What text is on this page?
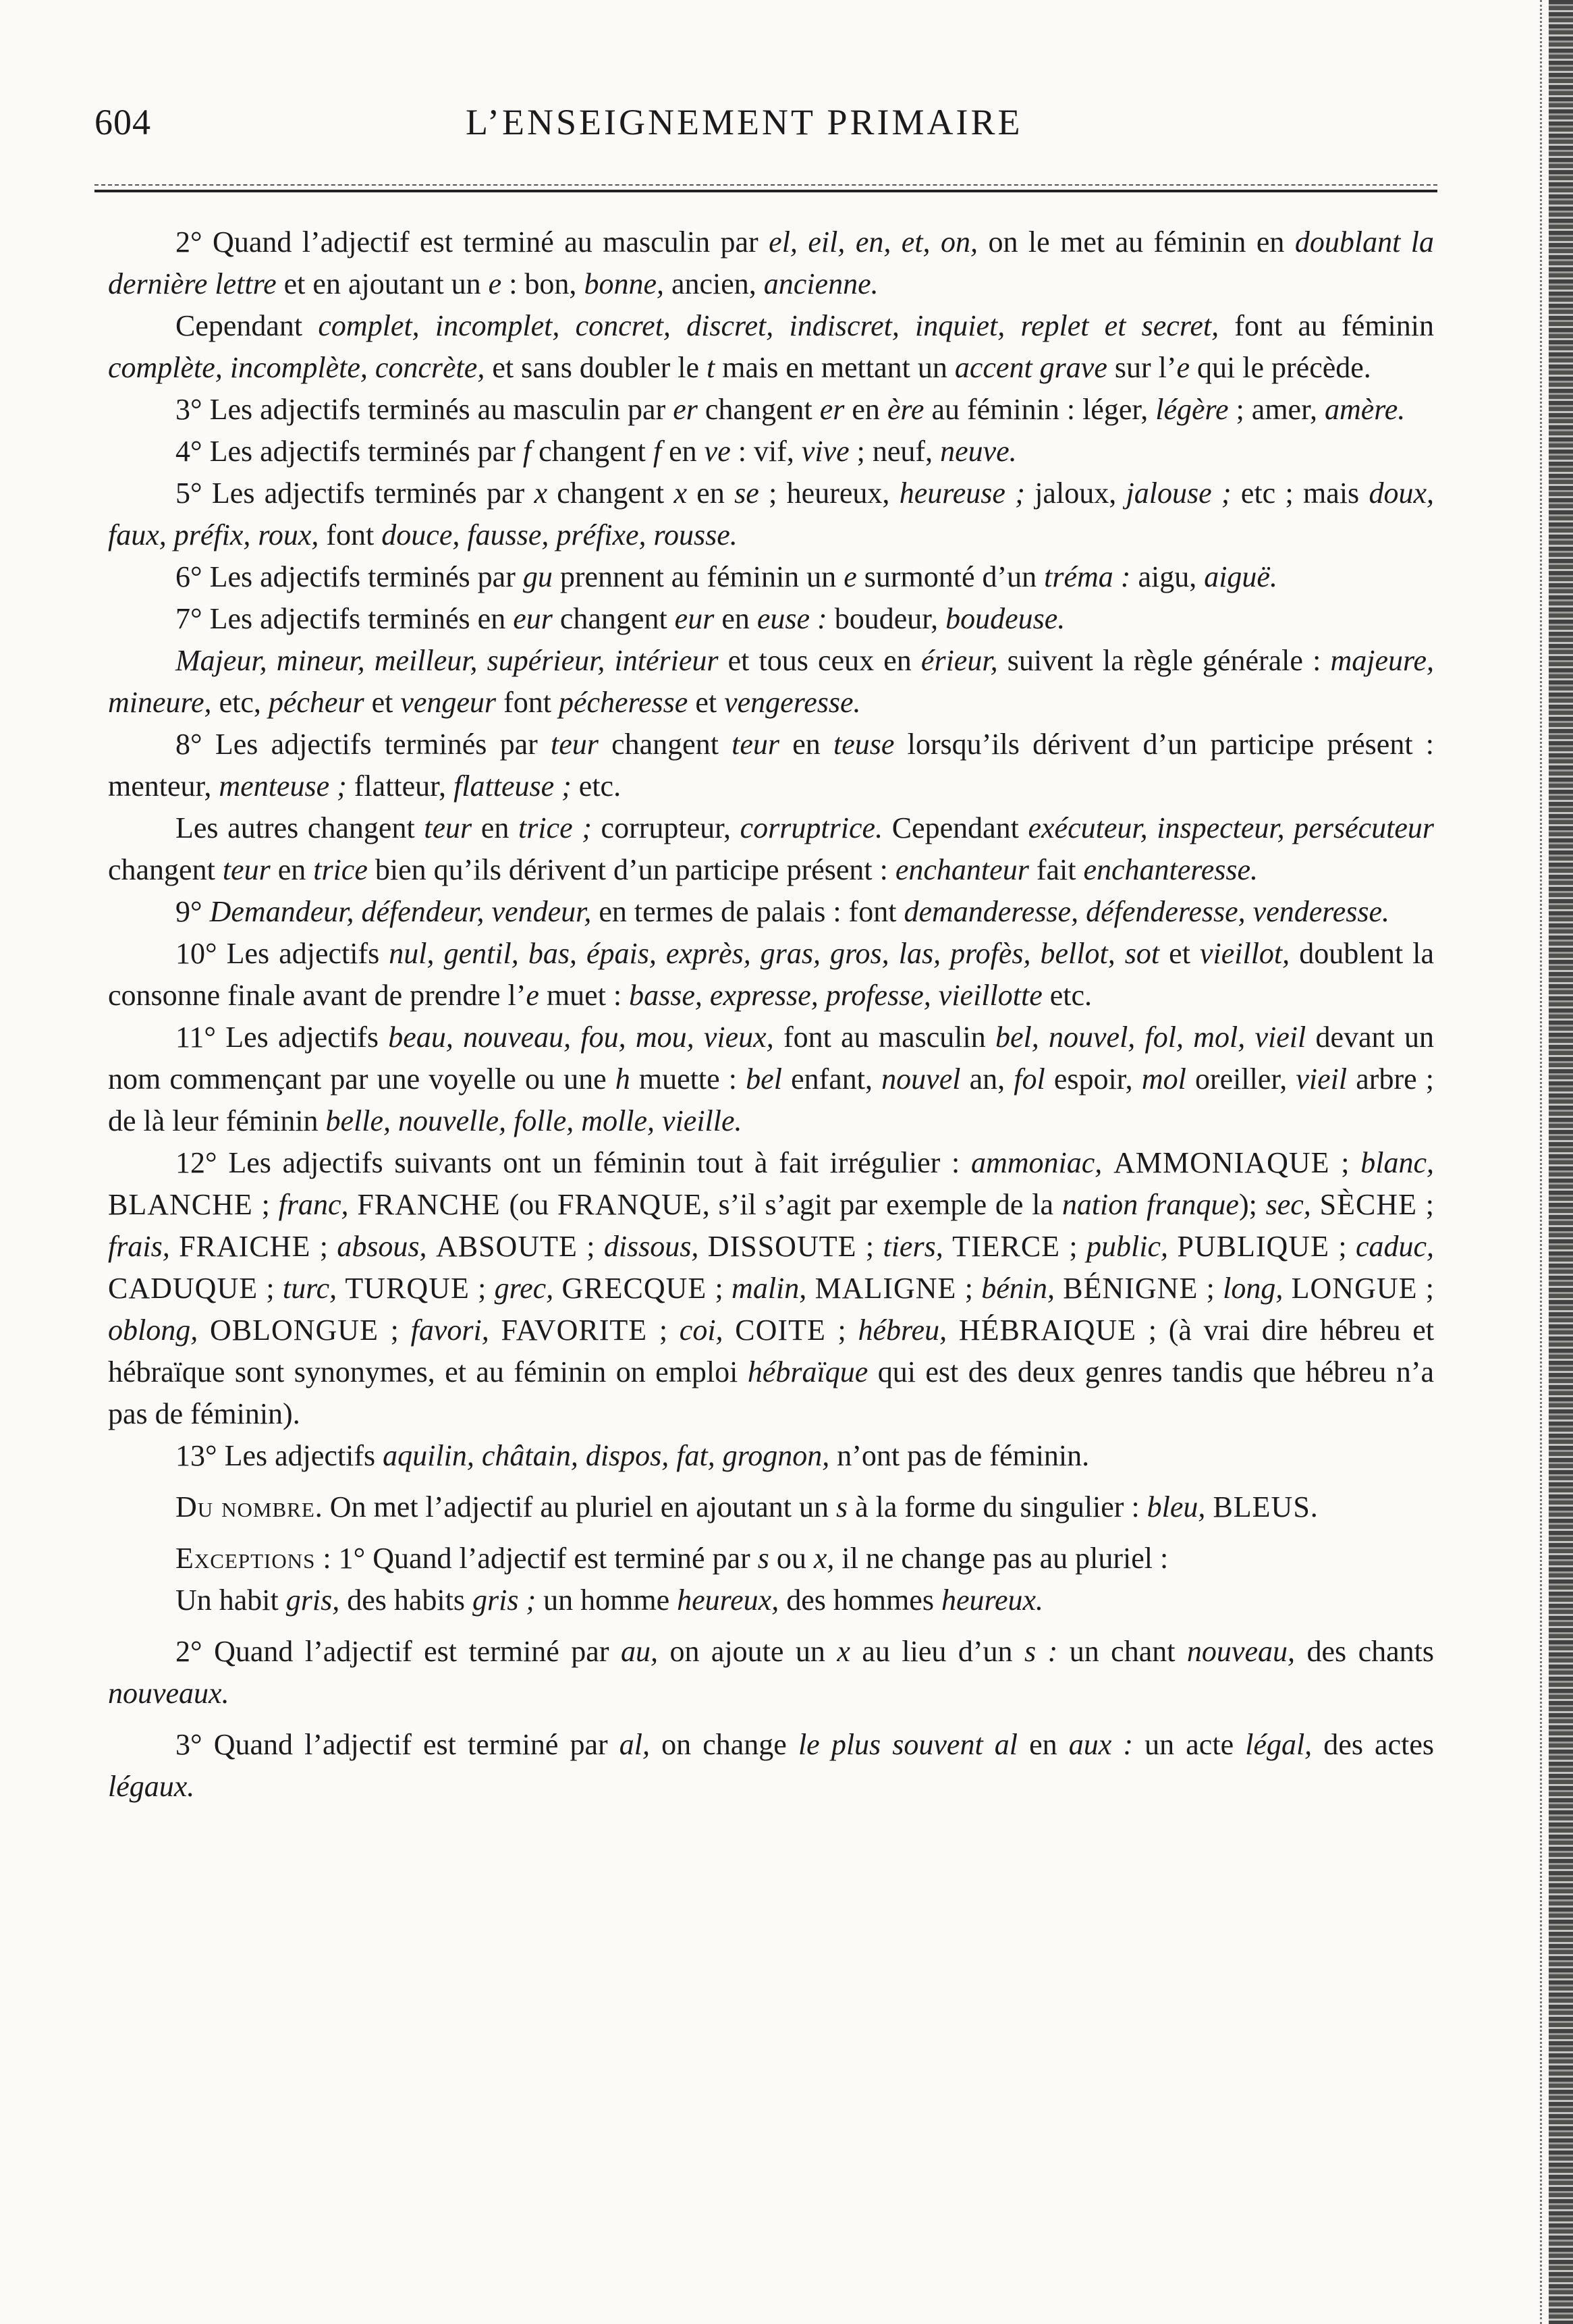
604	L’ENSEIGNEMENT PRIMAIRE

2° Quand l’adjectif est terminé au masculin par el, eil, en, et, on, on le met au féminin en doublant la dernière lettre et en ajoutant un e : bon, bonne, ancien, ancienne.

Cependant complet, incomplet, concret, discret, indiscret, inquiet, replet et secret, font au féminin complète, incomplète, concrète, et sans doubler le t mais en mettant un accent grave sur l’e qui le précède.

3° Les adjectifs terminés au masculin par er changent er en ère au féminin : léger, légère ; amer, amère.

4° Les adjectifs terminés par f changent f en ve : vif, vive ; neuf, neuve.

5° Les adjectifs terminés par x changent x en se ; heureux, heureuse ; jaloux, jalouse ; etc ; mais doux, faux, préfix, roux, font douce, fausse, préfixe, rousse.

6° Les adjectifs terminés par gu prennent au féminin un e surmonté d’un tréma : aigu, aiguë.

7° Les adjectifs terminés en eur changent eur en euse : boudeur, boudeuse.

Majeur, mineur, meilleur, supérieur, intérieur et tous ceux en érieur, suivent la règle générale : majeure, mineure, etc, pécheur et vengeur font pécheresse et vengeresse.

8° Les adjectifs terminés par teur changent teur en teuse lorsqu’ils dérivent d’un participe présent : menteur, menteuse ; flatteur, flatteuse ; etc.

Les autres changent teur en trice ; corrupteur, corruptrice. Cependant exécuteur, inspecteur, persécuteur changent teur en trice bien qu’ils dérivent d’un participe présent : enchanteur fait enchanteresse.

9° Demandeur, défendeur, vendeur, en termes de palais : font demanderesse, défenderesse, venderesse.

10° Les adjectifs nul, gentil, bas, épais, exprès, gras, gros, las, profès, bellot, sot et vieillot, doublent la consonne finale avant de prendre l’e muet : basse, expresse, professe, vieillotte etc.

11° Les adjectifs beau, nouveau, fou, mou, vieux, font au masculin bel, nouvel, fol, mol, vieil devant un nom commençant par une voyelle ou une h muette : bel enfant, nouvel an, fol espoir, mol oreiller, vieil arbre ; de là leur féminin belle, nouvelle, folle, molle, vieille.

12° Les adjectifs suivants ont un féminin tout à fait irrégulier : ammoniac, AMMONIAQUE ; blanc, BLANCHE ; franc, FRANCHE (ou FRANQUE, s’il s’agit par exemple de la nation franque); sec, SÈCHE ; frais, FRAICHE ; absous, ABSOUTE ; dissous, DISSOUTE ; tiers, TIERCE ; public, PUBLIQUE ; caduc, CADUQUE ; turc, TURQUE ; grec, GRECQUE ; malin, MALIGNE ; bénin, BÉNIGNE ; long, LONGUE ; oblong, OBLONGUE ; favori, FAVORITE ; coi, COITE ; hébreu, HÉBRAIQUE ; (à vrai dire hébreu et hébraïque sont synonymes, et au féminin on emploi hébraïque qui est des deux genres tandis que hébreu n’a pas de féminin).

13° Les adjectifs aquilin, châtain, dispos, fat, grognon, n’ont pas de féminin.

Du nombre. On met l’adjectif au pluriel en ajoutant un s à la forme du singulier : bleu, BLEUS.

Exceptions : 1° Quand l’adjectif est terminé par s ou x, il ne change pas au pluriel :

Un habit gris, des habits gris ; un homme heureux, des hommes heureux.

2° Quand l’adjectif est terminé par au, on ajoute un x au lieu d’un s : un chant nouveau, des chants nouveaux.

3° Quand l’adjectif est terminé par al, on change le plus souvent al en aux : un acte légal, des actes légaux.
